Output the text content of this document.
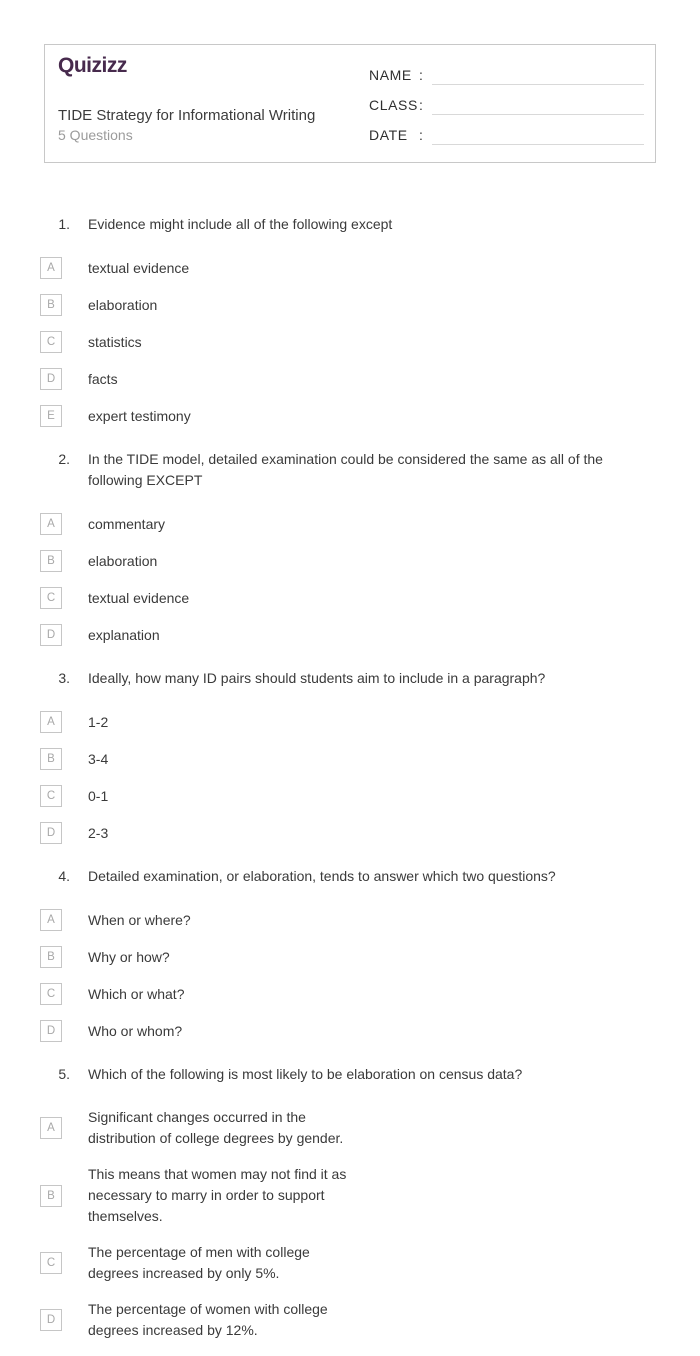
Quizizz
TIDE Strategy for Informational Writing
5 Questions
NAME :
CLASS :
DATE :
1. Evidence might include all of the following except
A	textual evidence
B	elaboration
C	statistics
D	facts
E	expert testimony
2. In the TIDE model, detailed examination could be considered the same as all of the following EXCEPT
A	commentary
B	elaboration
C	textual evidence
D	explanation
3. Ideally, how many ID pairs should students aim to include in a paragraph?
A	1-2
B	3-4
C	0-1
D	2-3
4. Detailed examination, or elaboration, tends to answer which two questions?
A	When or where?
B	Why or how?
C	Which or what?
D	Who or whom?
5. Which of the following is most likely to be elaboration on census data?
A
Significant changes occurred in the distribution of college degrees by gender.
B
This means that women may not find it as necessary to marry in order to support themselves.
C
The percentage of men with college degrees increased by only 5%.
D
The percentage of women with college degrees increased by 12%.
